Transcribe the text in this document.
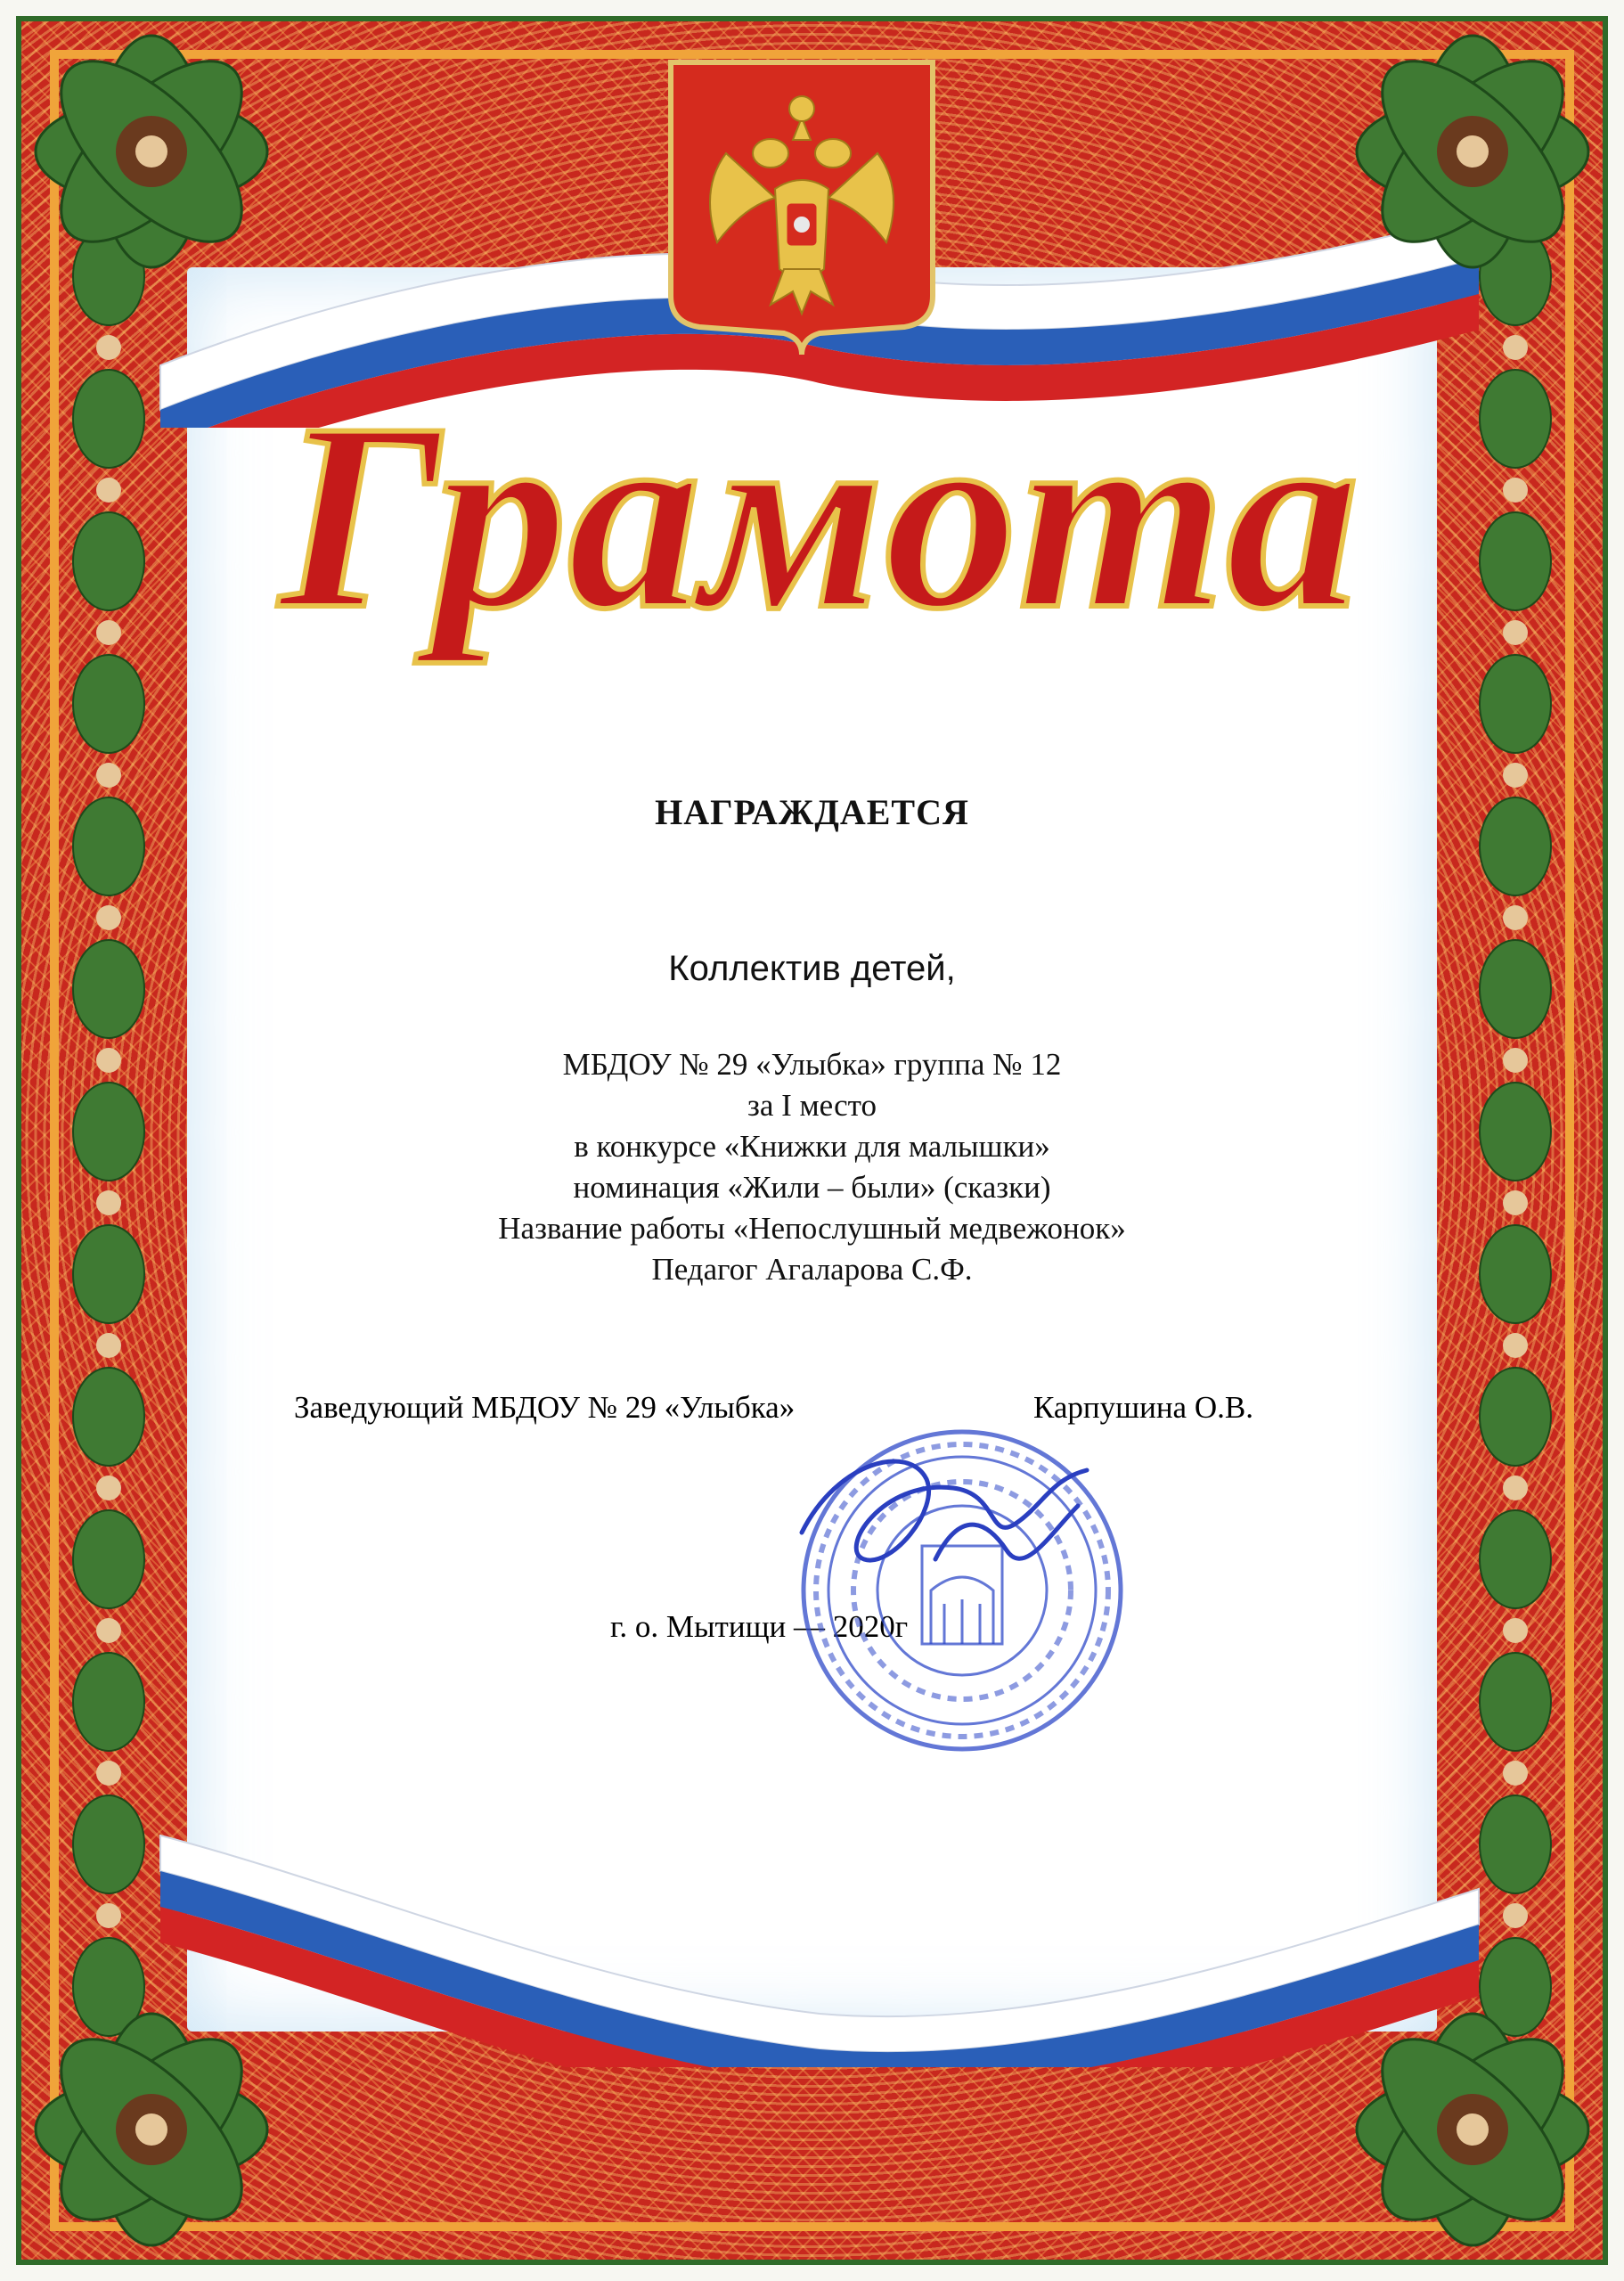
Грамота
НАГРАЖДАЕТСЯ
Коллектив детей,
МБДОУ № 29 «Улыбка» группа № 12
за I место
в конкурсе «Книжки для малышки»
номинация «Жили – были» (сказки)
Название работы «Непослушный медвежонок»
Педагог Агаларова С.Ф.
Заведующий МБДОУ № 29 «Улыбка»	Карпушина О.В.
г. о. Мытищи — 2020г
